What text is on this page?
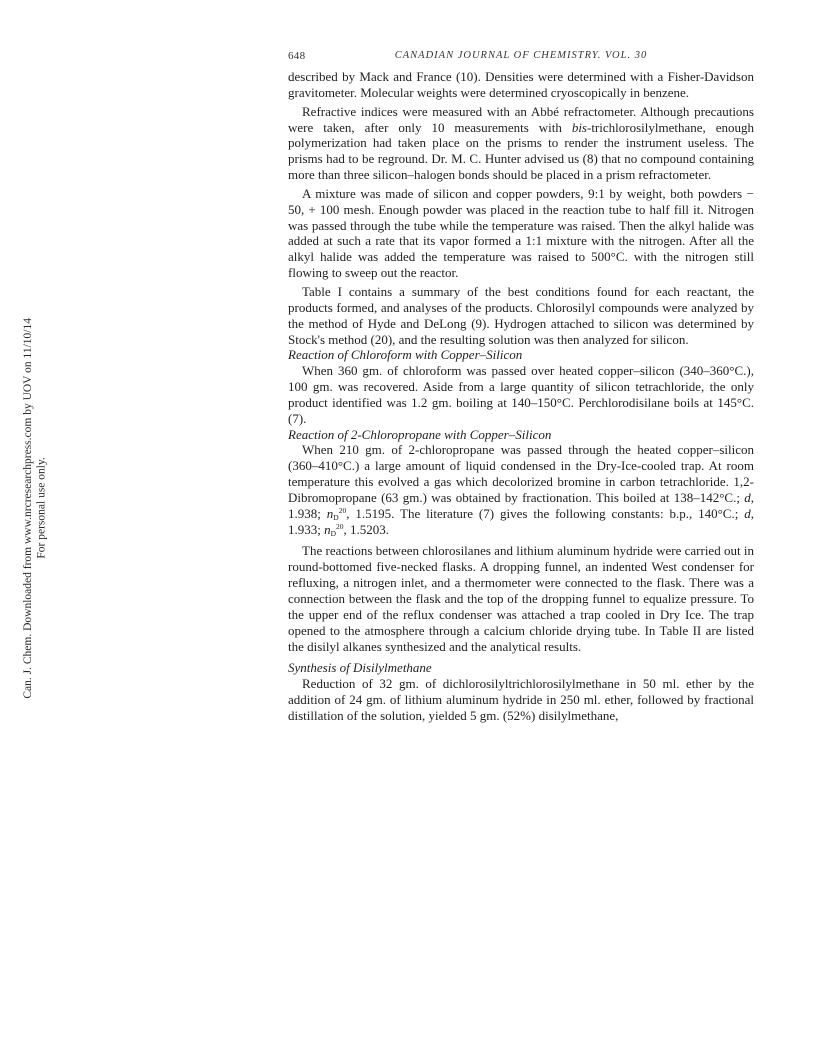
Can. J. Chem. Downloaded from www.nrcresearchpress.com by UOV on 11/10/14 For personal use only.
648	CANADIAN JOURNAL OF CHEMISTRY. VOL. 30

described by Mack and France (10). Densities were determined with a Fisher-Davidson gravitometer. Molecular weights were determined cryoscopically in benzene.

Refractive indices were measured with an Abbé refractometer. Although precautions were taken, after only 10 measurements with bis-trichlorosilylmethane, enough polymerization had taken place on the prisms to render the instrument useless. The prisms had to be reground. Dr. M. C. Hunter advised us (8) that no compound containing more than three silicon–halogen bonds should be placed in a prism refractometer.

A mixture was made of silicon and copper powders, 9:1 by weight, both powders − 50, + 100 mesh. Enough powder was placed in the reaction tube to half fill it. Nitrogen was passed through the tube while the temperature was raised. Then the alkyl halide was added at such a rate that its vapor formed a 1:1 mixture with the nitrogen. After all the alkyl halide was added the temperature was raised to 500°C. with the nitrogen still flowing to sweep out the reactor.

Table I contains a summary of the best conditions found for each reactant, the products formed, and analyses of the products. Chlorosilyl compounds were analyzed by the method of Hyde and DeLong (9). Hydrogen attached to silicon was determined by Stock's method (20), and the resulting solution was then analyzed for silicon.

Reaction of Chloroform with Copper–Silicon

When 360 gm. of chloroform was passed over heated copper–silicon (340–360°C.), 100 gm. was recovered. Aside from a large quantity of silicon tetrachloride, the only product identified was 1.2 gm. boiling at 140–150°C. Perchlorodisilane boils at 145°C. (7).

Reaction of 2-Chloropropane with Copper–Silicon

When 210 gm. of 2-chloropropane was passed through the heated copper–silicon (360–410°C.) a large amount of liquid condensed in the Dry-Ice-cooled trap. At room temperature this evolved a gas which decolorized bromine in carbon tetrachloride. 1,2-Dibromopropane (63 gm.) was obtained by fractionation. This boiled at 138–142°C.; d, 1.938; $n_D^{20}$, 1.5195. The literature (7) gives the following constants: b.p., 140°C.; d, 1.933; $n_D^{20}$, 1.5203.

The reactions between chlorosilanes and lithium aluminum hydride were carried out in round-bottomed five-necked flasks. A dropping funnel, an indented West condenser for refluxing, a nitrogen inlet, and a thermometer were connected to the flask. There was a connection between the flask and the top of the dropping funnel to equalize pressure. To the upper end of the reflux condenser was attached a trap cooled in Dry Ice. The trap opened to the atmosphere through a calcium chloride drying tube. In Table II are listed the disilyl alkanes synthesized and the analytical results.

Synthesis of Disilylmethane

Reduction of 32 gm. of dichlorosilyltrichlorosilylmethane in 50 ml. ether by the addition of 24 gm. of lithium aluminum hydride in 250 ml. ether, followed by fractional distillation of the solution, yielded 5 gm. (52%) disilylmethane,
